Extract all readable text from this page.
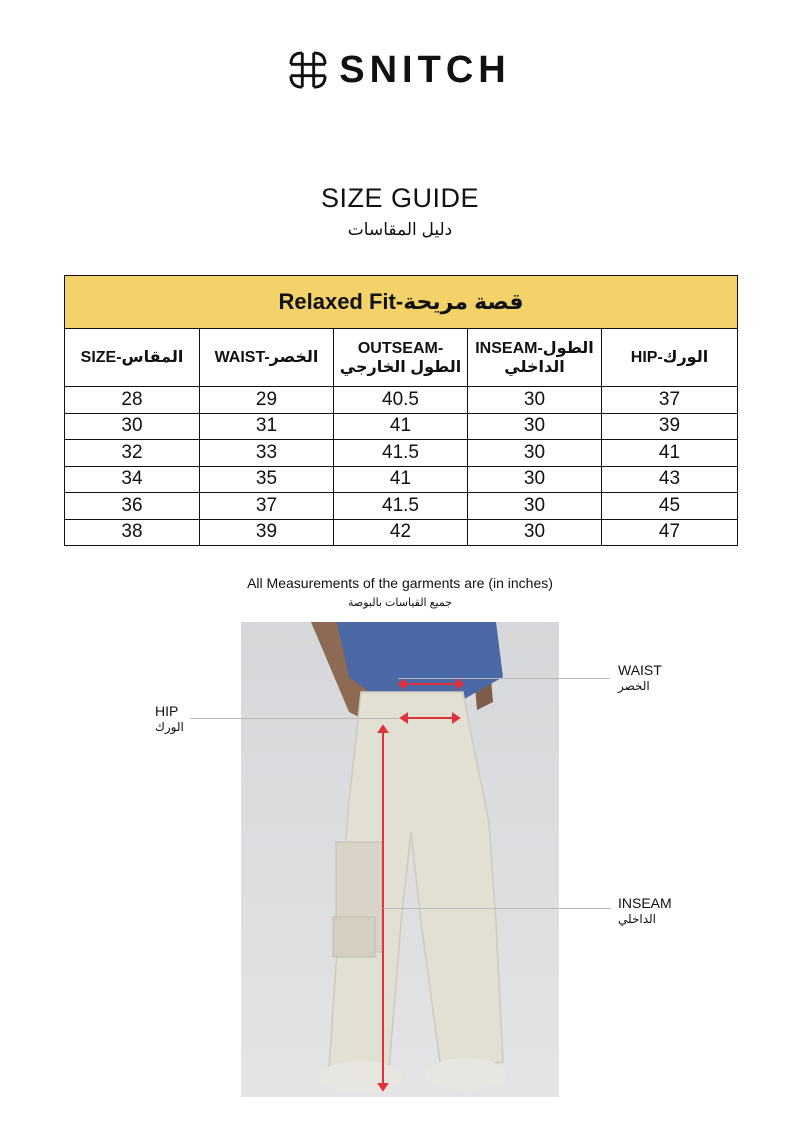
SNITCH
SIZE GUIDE
دليل المقاسات
Relaxed Fit-قصة مريحة				
SIZE-المقاس	WAIST-الخصر	OUTSEAM-الطول الخارجي	INSEAM-الطول الداخلي	HIP-الورك
28	29	40.5	30	37
30	31	41	30	39
32	33	41.5	30	41
34	35	41	30	43
36	37	41.5	30	45
38	39	42	30	47
All Measurements of the garments are (in inches)
جميع القياسات بالبوصة
WAIST
الخصر
HIP
الورك
INSEAM
الداخلي
